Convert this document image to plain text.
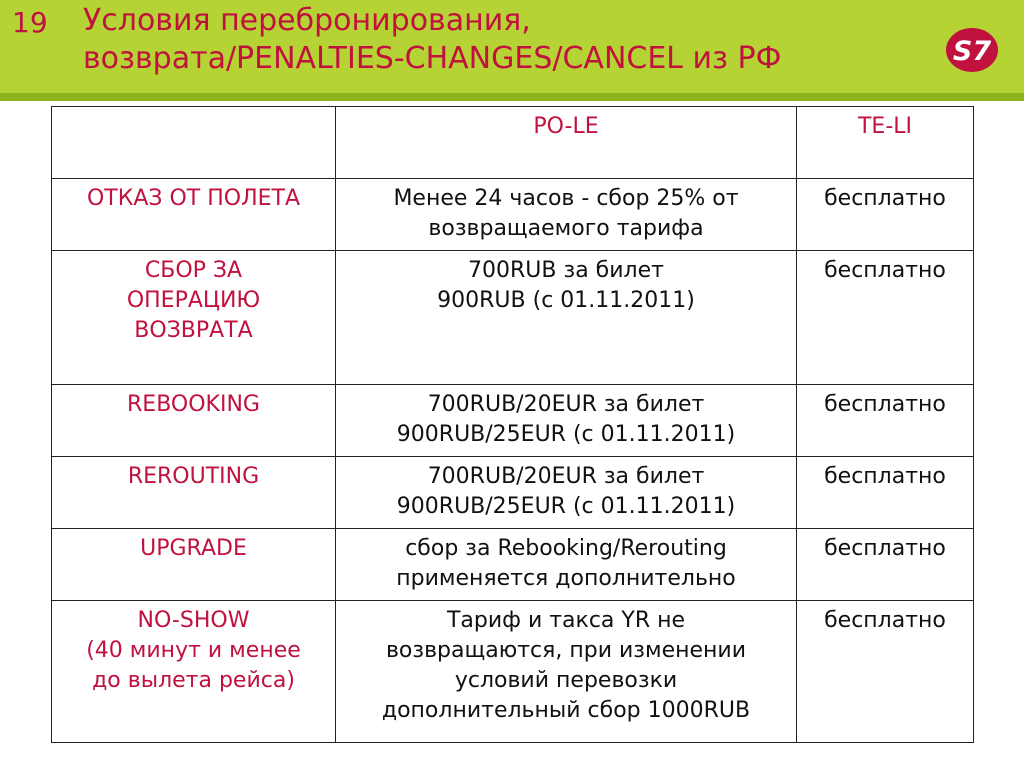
19 Условия перебронирования,
возврата/PENALTIES-CHANGES/CANCEL из РФ	S7
	PO-LE	TE-LI

ОТКАЗ ОТ ПОЛЕТА	Менее 24 часов - сбор 25% от
возвращаемого тарифа	бесплатно

СБОР ЗА
ОПЕРАЦИЮ
ВОЗВРАТА	700RUB за билет
900RUB (с 01.11.2011)	бесплатно

REBOOKING	700RUB/20EUR за билет
900RUB/25EUR (с 01.11.2011)	бесплатно

REROUTING	700RUB/20EUR за билет
900RUB/25EUR (с 01.11.2011)	бесплатно

UPGRADE	сбор за Rebooking/Rerouting
применяется дополнительно	бесплатно

NO-SHOW
(40 минут и менее
до вылета рейса)	Тариф и такса YR не
возвращаются, при изменении
условий перевозки
дополнительный сбор 1000RUB	бесплатно
